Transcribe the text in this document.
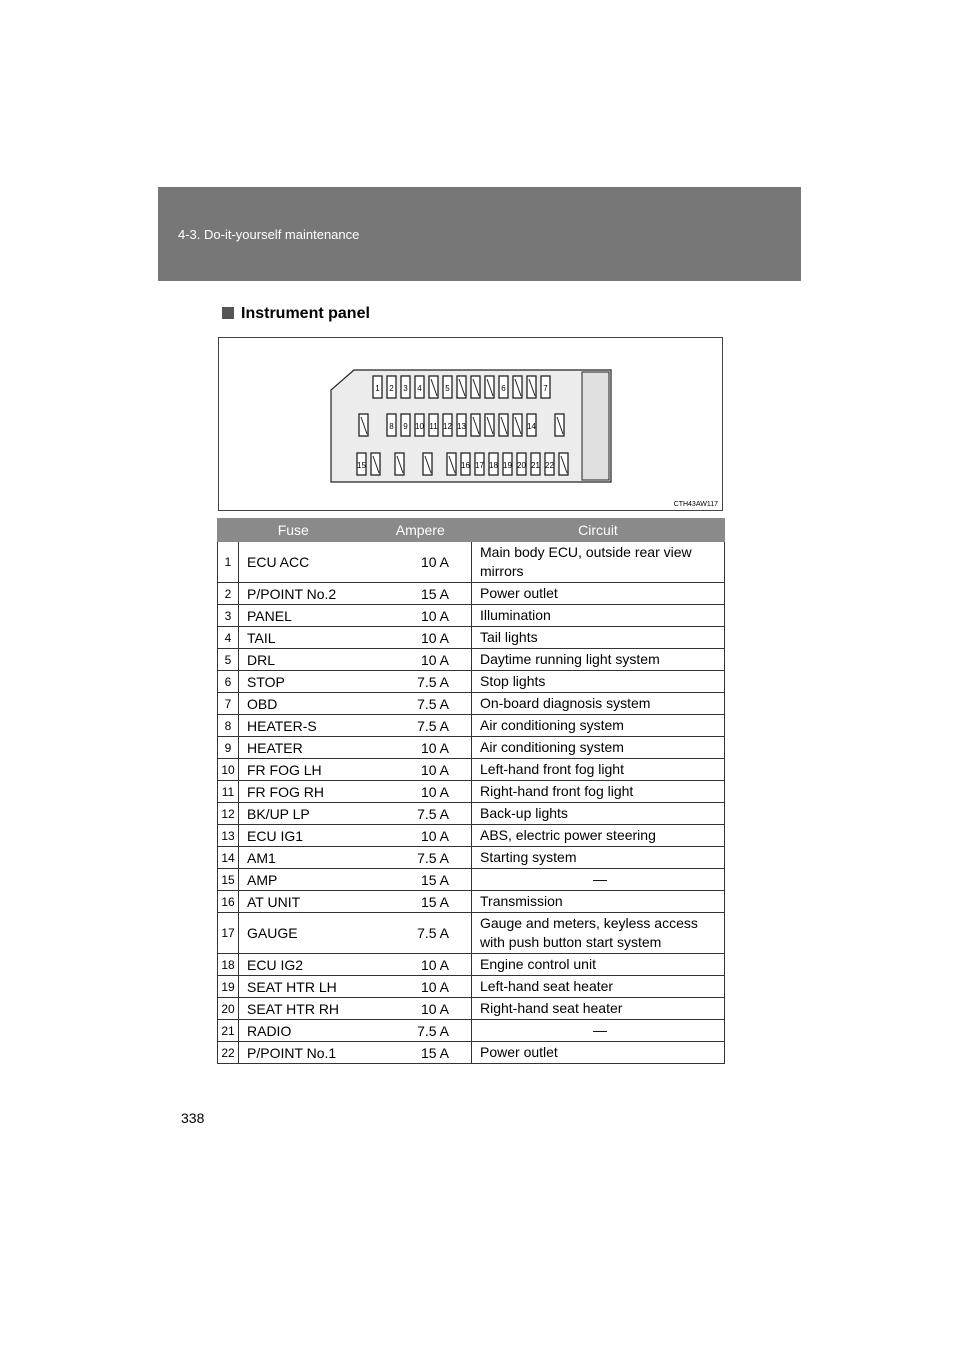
4-3. Do-it-yourself maintenance
Instrument panel
1 2 3 4	5	6	7
8 9 10 11 12 13	14
15	16 17 18 19 20 21 22
CTH43AW117
Fuse		Ampere	Circuit
1	ECU ACC	10 A	Main body ECU, outside rear view mirrors
2	P/POINT No.2	15 A	Power outlet
3	PANEL	10 A	Illumination
4	TAIL	10 A	Tail lights
5	DRL	10 A	Daytime running light system
6	STOP	7.5 A	Stop lights
7	OBD	7.5 A	On-board diagnosis system
8	HEATER-S	7.5 A	Air conditioning system
9	HEATER	10 A	Air conditioning system
10	FR FOG LH	10 A	Left-hand front fog light
11	FR FOG RH	10 A	Right-hand front fog light
12	BK/UP LP	7.5 A	Back-up lights
13	ECU IG1	10 A	ABS, electric power steering
14	AM1	7.5 A	Starting system
15	AMP	15 A	—
16	AT UNIT	15 A	Transmission
17	GAUGE	7.5 A	Gauge and meters, keyless access with push button start system
18	ECU IG2	10 A	Engine control unit
19	SEAT HTR LH	10 A	Left-hand seat heater
20	SEAT HTR RH	10 A	Right-hand seat heater
21	RADIO	7.5 A	—
22	P/POINT No.1	15 A	Power outlet
338
